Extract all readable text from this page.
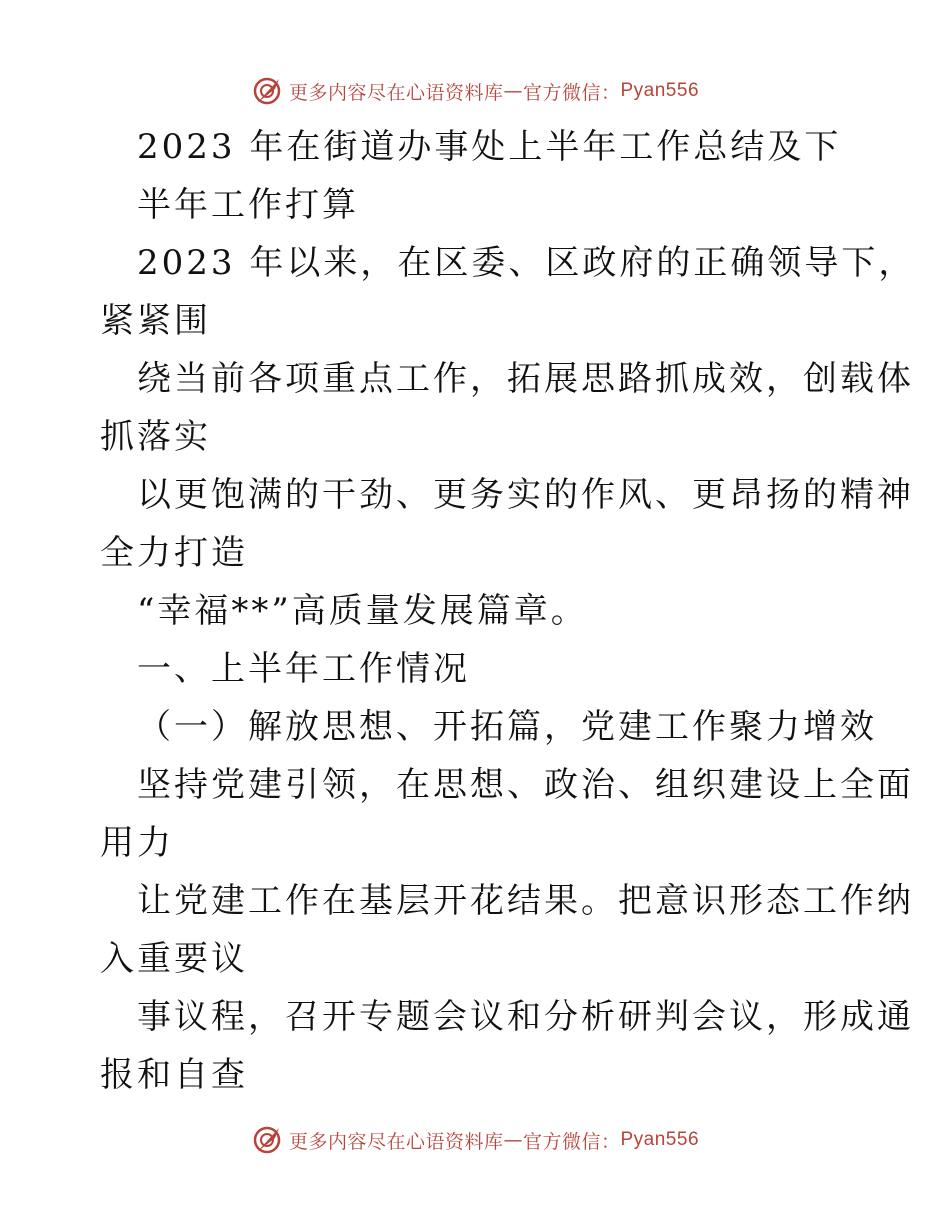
更多内容尽在心语资料库 — 官方微信： Pyan556
2023 年在街道办事处上半年工作总结及下
半年工作打算
2023 年以来，在区委、区政府的正确领导下，
紧紧围
绕当前各项重点工作，拓展思路抓成效，创载体
抓落实
以更饱满的干劲、更务实的作风、更昂扬的精神
全力打造
“幸福**”高质量发展篇章。
一、上半年工作情况
（一）解放思想、开拓篇，党建工作聚力增效
坚持党建引领，在思想、政治、组织建设上全面
用力
让党建工作在基层开花结果。把意识形态工作纳
入重要议
事议程，召开专题会议和分析研判会议，形成通
报和自查
更多内容尽在心语资料库 — 官方微信： Pyan556
